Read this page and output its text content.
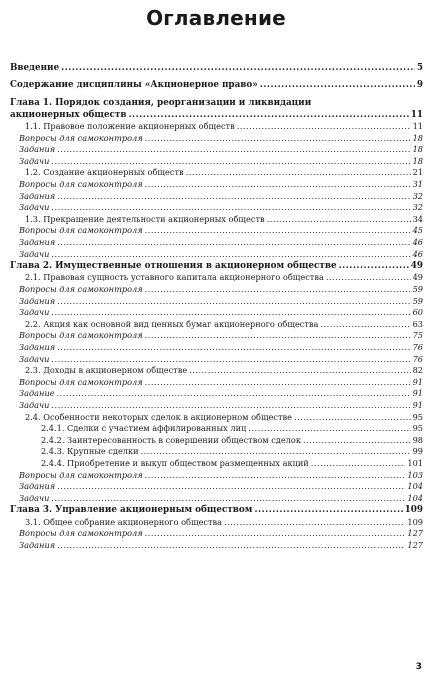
Оглавление
Введение .....	5
Содержание дисциплины «Акционерное право» .....	9
Глава 1. Порядок создания, реорганизации и ликвидации
акционерных обществ .....	11
1.1. Правовое положение акционерных обществ .....	11
Вопросы для самоконтроля .....	18
Задания .....	18
Задачи .....	18
1.2. Создание акционерных обществ .....	21
Вопросы для самоконтроля .....	31
Задания .....	32
Задачи .....	32
1.3. Прекращение деятельности акционерных обществ .....	34
Вопросы для самоконтроля .....	45
Задания .....	46
Задачи .....	46
Глава 2. Имущественные отношения в акционерном обществе .....	49
2.1. Правовая сущность уставного капитала акционерного общества .....	49
Вопросы для самоконтроля .....	59
Задания .....	59
Задачи .....	60
2.2. Акция как основной вид ценных бумаг акционерного общества .....	63
Вопросы для самоконтроля .....	75
Задания .....	76
Задачи .....	76
2.3. Доходы в акционерном обществе .....	82
Вопросы для самоконтроля .....	91
Задание .....	91
Задачи .....	91
2.4. Особенности некоторых сделок в акционерном обществе .....	95
2.4.1. Сделки с участием аффилированных лиц .....	95
2.4.2. Заинтересованность в совершении обществом сделок .....	98
2.4.3. Крупные сделки .....	99
2.4.4. Приобретение и выкуп обществом размещенных акций .....	101
Вопросы для самоконтроля .....	103
Задания .....	104
Задачи .....	104
Глава 3. Управление акционерным обществом .....	109
3.1. Общее собрание акционерного общества .....	109
Вопросы для самоконтроля .....	127
Задания .....	127
3
